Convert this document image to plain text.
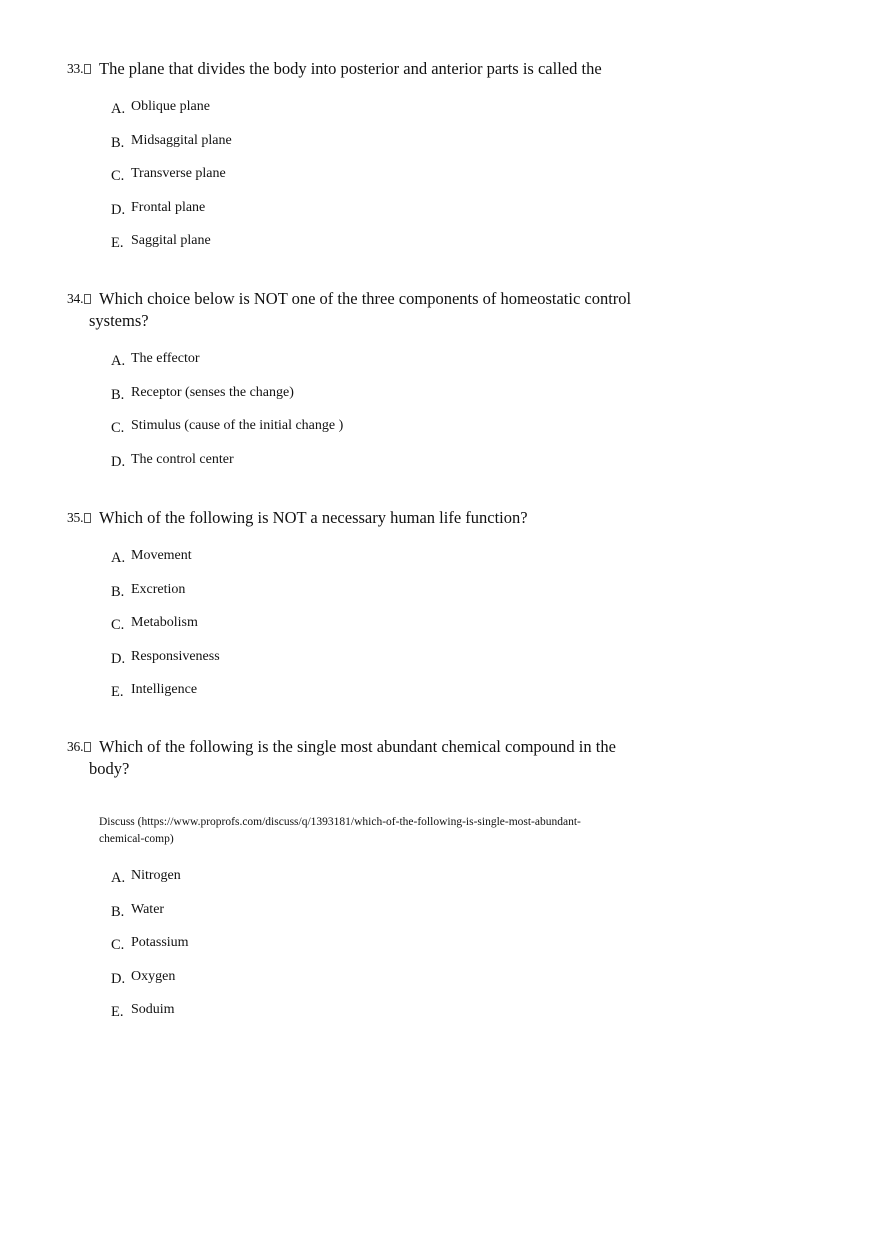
33. The plane that divides the body into posterior and anterior parts is called the
A. Oblique plane
B. Midsaggital plane
C. Transverse plane
D. Frontal plane
E. Saggital plane
34. Which choice below is NOT one of the three components of homeostatic control
systems?
A. The effector
B. Receptor (senses the change)
C. Stimulus (cause of the initial change )
D. The control center
35. Which of the following is NOT a necessary human life function?
A. Movement
B. Excretion
C. Metabolism
D. Responsiveness
E. Intelligence
36. Which of the following is the single most abundant chemical compound in the
body?
Discuss (https://www.proprofs.com/discuss/q/1393181/which-of-the-following-is-single-most-abundant-
chemical-comp)
A. Nitrogen
B. Water
C. Potassium
D. Oxygen
E. Soduim
